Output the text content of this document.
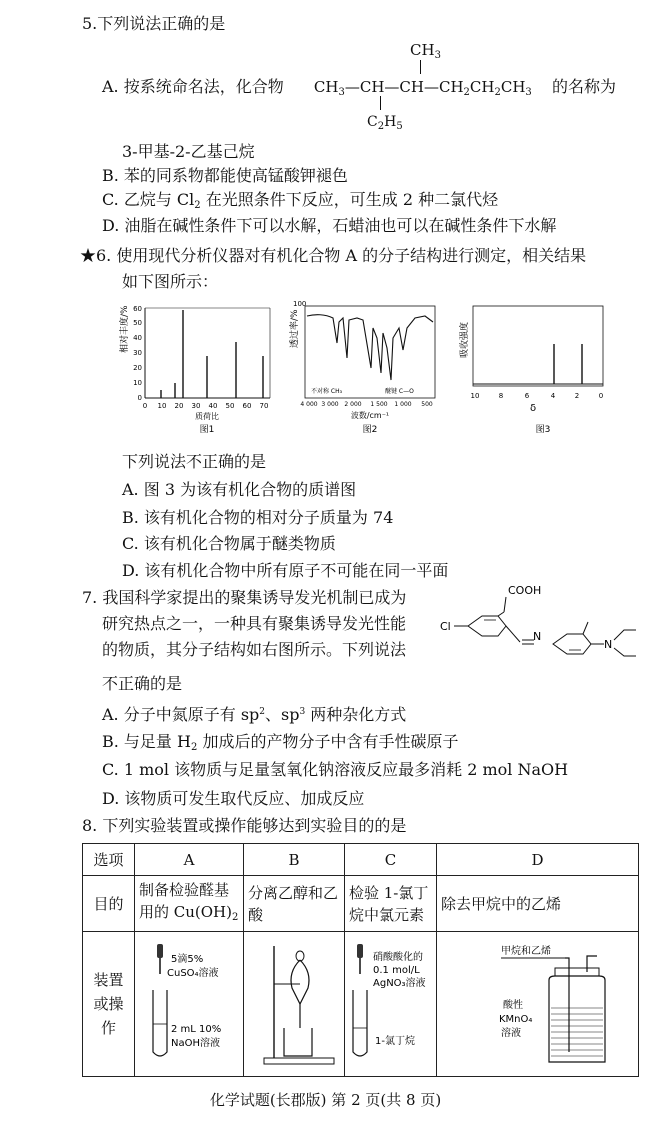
5.下列说法正确的是
$CH_3$
A. 按系统命名法，化合物 $CH_3—CH—CH—CH_2CH_2CH_3$ 的名称为
$C_2H_5$
3-甲基-2-乙基己烷
B. 苯的同系物都能使高锰酸钾褪色
C. 乙烷与 $Cl_2$ 在光照条件下反应，可生成 2 种二氯代烃
D. 油脂在碱性条件下可以水解，石蜡油也可以在碱性条件下水解
★6. 使用现代分析仪器对有机化合物 A 的分子结构进行测定，相关结果
如下图所示：
相对丰度/%
0
10
20
30
40
50
60
0 10 20 30 40 50 60 70
质荷比
图1
透过率/%
100
不对称 CH₃	醚键 C—O
4 000 3 000 2 000 1 500 1 000 500
波数/cm⁻¹
图2
吸收强度
10	8	6	4	2	0
δ
图3
下列说法不正确的是
A. 图 3 为该有机化合物的质谱图
B. 该有机化合物的相对分子质量为 74
C. 该有机化合物属于醚类物质
D. 该有机化合物中所有原子不可能在同一平面
7. 我国科学家提出的聚集诱导发光机制已成为
研究热点之一，一种具有聚集诱导发光性能
的物质，其分子结构如右图所示。下列说法
不正确的是
COOH
Cl
N
N
A. 分子中氮原子有 $sp^2$、$sp^3$ 两种杂化方式
B. 与足量 $H_2$ 加成后的产物分子中含有手性碳原子
C. 1 mol 该物质与足量氢氧化钠溶液反应最多消耗 2 mol NaOH
D. 该物质可发生取代反应、加成反应
8. 下列实验装置或操作能够达到实验目的的是
选项	A	B	C	D
目的	制备检验醛基用的 $Cu(OH)_2$	分离乙醇和乙酸	检验 1-氯丁烷中氯元素	除去甲烷中的乙烯
装置或操作	5滴5%
CuSO₄溶液
2 mL 10%
NaOH溶液		硝酸酸化的
0.1 mol/L
AgNO₃溶液
1-氯丁烷	甲烷和乙烯
酸性
KMnO₄
溶液
化学试题(长郡版) 第 2 页(共 8 页)
